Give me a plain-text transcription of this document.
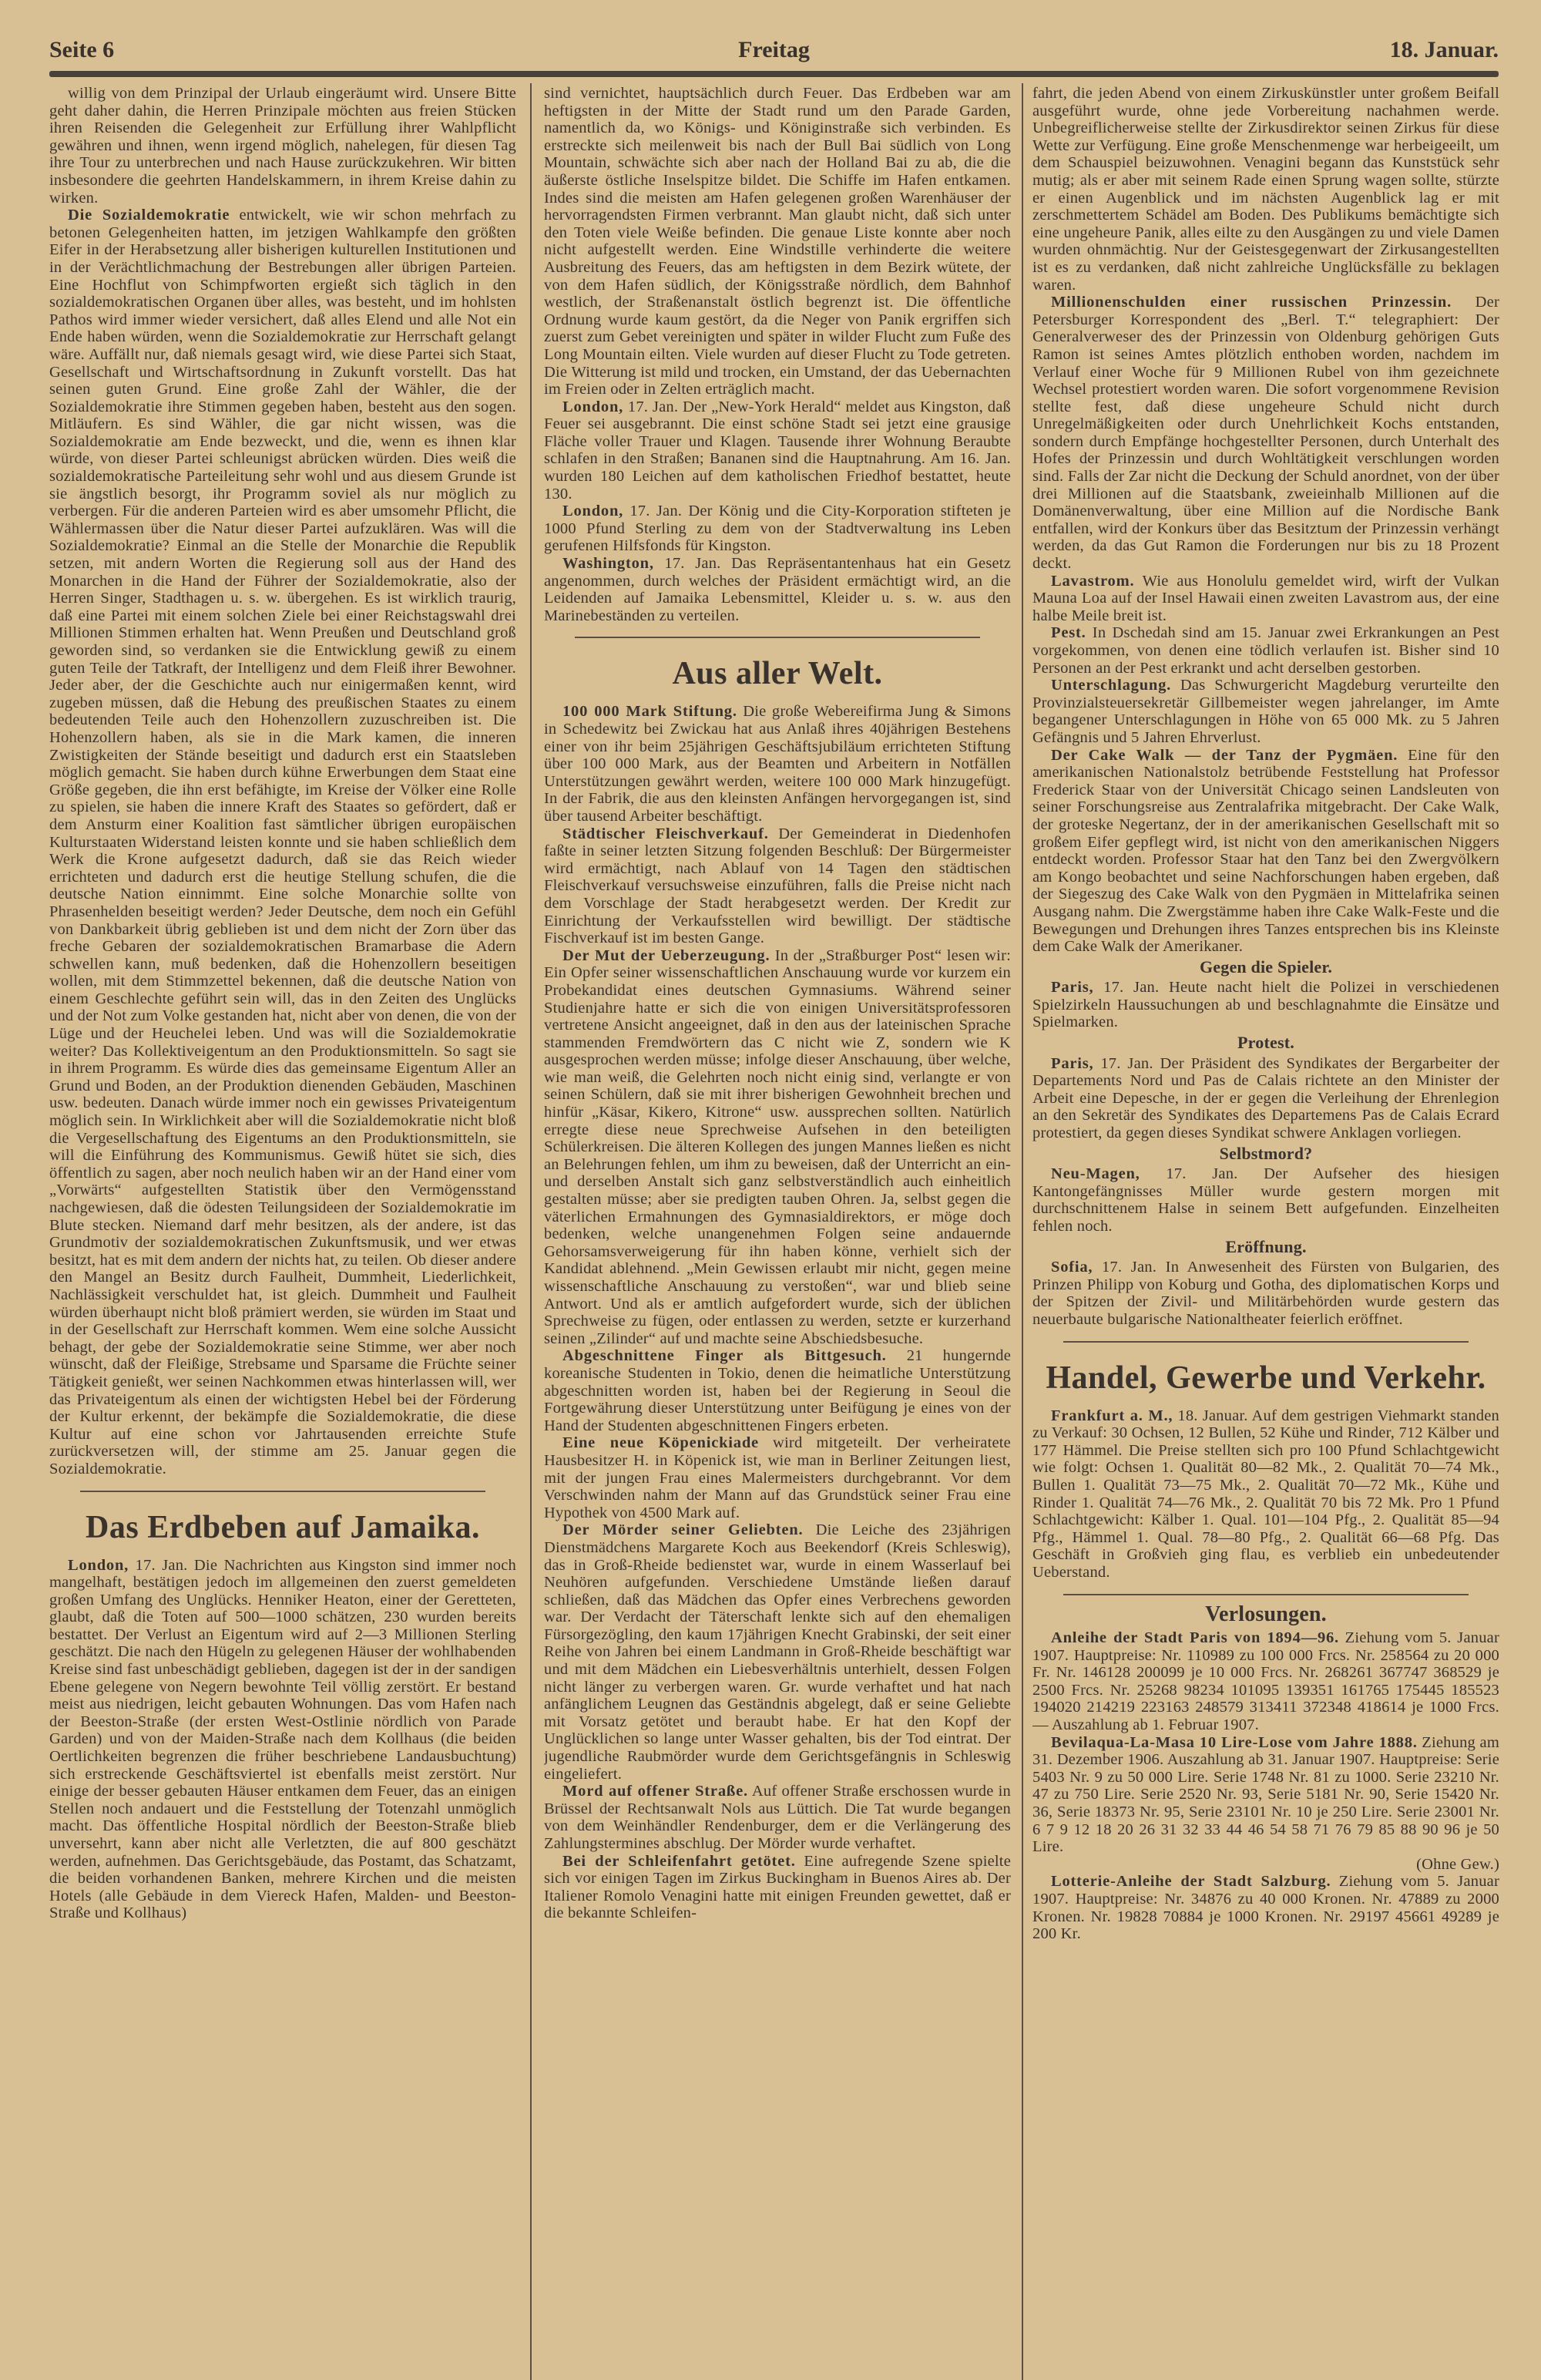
Seite 6	Freitag	18. Januar.

willig von dem Prinzipal der Urlaub eingeräumt wird. Unsere Bitte geht daher dahin, die Herren Prinzipale möchten aus freien Stücken ihren Reisenden die Gelegenheit zur Erfüllung ihrer Wahlpflicht gewähren und ihnen, wenn irgend möglich, nahelegen, für diesen Tag ihre Tour zu unterbrechen und nach Hause zurückzukehren. Wir bitten insbesondere die geehrten Handelskammern, in ihrem Kreise dahin zu wirken.

Die Sozialdemokratie entwickelt, wie wir schon mehrfach zu betonen Gelegenheiten hatten, im jetzigen Wahlkampfe den größten Eifer in der Herabsetzung aller bisherigen kulturellen Institutionen und in der Verächtlichmachung der Bestrebungen aller übrigen Parteien. Eine Hochflut von Schimpfworten ergießt sich täglich in den sozialdemokratischen Organen über alles, was besteht, und im hohlsten Pathos wird immer wieder versichert, daß alles Elend und alle Not ein Ende haben würden, wenn die Sozialdemokratie zur Herrschaft gelangt wäre. Auffällt nur, daß niemals gesagt wird, wie diese Partei sich Staat, Gesellschaft und Wirtschaftsordnung in Zukunft vorstellt. Das hat seinen guten Grund. Eine große Zahl der Wähler, die der Sozialdemokratie ihre Stimmen gegeben haben, besteht aus den sogen. Mitläufern. Es sind Wähler, die gar nicht wissen, was die Sozialdemokratie am Ende bezweckt, und die, wenn es ihnen klar würde, von dieser Partei schleunigst abrücken würden. Dies weiß die sozialdemokratische Parteileitung sehr wohl und aus diesem Grunde ist sie ängstlich besorgt, ihr Programm soviel als nur möglich zu verbergen. Für die anderen Parteien wird es aber umsomehr Pflicht, die Wählermassen über die Natur dieser Partei aufzuklären. Was will die Sozialdemokratie? Einmal an die Stelle der Monarchie die Republik setzen, mit andern Worten die Regierung soll aus der Hand des Monarchen in die Hand der Führer der Sozialdemokratie, also der Herren Singer, Stadthagen u. s. w. übergehen. Es ist wirklich traurig, daß eine Partei mit einem solchen Ziele bei einer Reichstagswahl drei Millionen Stimmen erhalten hat. Wenn Preußen und Deutschland groß geworden sind, so verdanken sie die Entwicklung gewiß zu einem guten Teile der Tatkraft, der Intelligenz und dem Fleiß ihrer Bewohner. Jeder aber, der die Geschichte auch nur einigermaßen kennt, wird zugeben müssen, daß die Hebung des preußischen Staates zu einem bedeutenden Teile auch den Hohenzollern zuzuschreiben ist. Die Hohenzollern haben, als sie in die Mark kamen, die inneren Zwistigkeiten der Stände beseitigt und dadurch erst ein Staatsleben möglich gemacht. Sie haben durch kühne Erwerbungen dem Staat eine Größe gegeben, die ihn erst befähigte, im Kreise der Völker eine Rolle zu spielen, sie haben die innere Kraft des Staates so gefördert, daß er dem Ansturm einer Koalition fast sämtlicher übrigen europäischen Kulturstaaten Widerstand leisten konnte und sie haben schließlich dem Werk die Krone aufgesetzt dadurch, daß sie das Reich wieder errichteten und dadurch erst die heutige Stellung schufen, die die deutsche Nation einnimmt. Eine solche Monarchie sollte von Phrasenhelden beseitigt werden? Jeder Deutsche, dem noch ein Gefühl von Dankbarkeit übrig geblieben ist und dem nicht der Zorn über das freche Gebaren der sozialdemokratischen Bramarbase die Adern schwellen kann, muß bedenken, daß die Hohenzollern beseitigen wollen, mit dem Stimmzettel bekennen, daß die deutsche Nation von einem Geschlechte geführt sein will, das in den Zeiten des Unglücks und der Not zum Volke gestanden hat, nicht aber von denen, die von der Lüge und der Heuchelei leben. Und was will die Sozialdemokratie weiter? Das Kollektiveigentum an den Produktionsmitteln. So sagt sie in ihrem Programm. Es würde dies das gemeinsame Eigentum Aller an Grund und Boden, an der Produktion dienenden Gebäuden, Maschinen usw. bedeuten. Danach würde immer noch ein gewisses Privateigentum möglich sein. In Wirklichkeit aber will die Sozialdemokratie nicht bloß die Vergesellschaftung des Eigentums an den Produktionsmitteln, sie will die Einführung des Kommunismus. Gewiß hütet sie sich, dies öffentlich zu sagen, aber noch neulich haben wir an der Hand einer vom „Vorwärts“ aufgestellten Statistik über den Vermögensstand nachgewiesen, daß die ödesten Teilungsideen der Sozialdemokratie im Blute stecken. Niemand darf mehr besitzen, als der andere, ist das Grundmotiv der sozialdemokratischen Zukunftsmusik, und wer etwas besitzt, hat es mit dem andern der nichts hat, zu teilen. Ob dieser andere den Mangel an Besitz durch Faulheit, Dummheit, Liederlichkeit, Nachlässigkeit verschuldet hat, ist gleich. Dummheit und Faulheit würden überhaupt nicht bloß prämiert werden, sie würden im Staat und in der Gesellschaft zur Herrschaft kommen. Wem eine solche Aussicht behagt, der gebe der Sozialdemokratie seine Stimme, wer aber noch wünscht, daß der Fleißige, Strebsame und Sparsame die Früchte seiner Tätigkeit genießt, wer seinen Nachkommen etwas hinterlassen will, wer das Privateigentum als einen der wichtigsten Hebel bei der Förderung der Kultur erkennt, der bekämpfe die Sozialdemokratie, die diese Kultur auf eine schon vor Jahrtausenden erreichte Stufe zurückversetzen will, der stimme am 25. Januar gegen die Sozialdemokratie.

Das Erdbeben auf Jamaika.

London, 17. Jan. Die Nachrichten aus Kingston sind immer noch mangelhaft, bestätigen jedoch im allgemeinen den zuerst gemeldeten großen Umfang des Unglücks. Henniker Heaton, einer der Geretteten, glaubt, daß die Toten auf 500—1000 schätzen, 230 wurden bereits bestattet. Der Verlust an Eigentum wird auf 2—3 Millionen Sterling geschätzt. Die nach den Hügeln zu gelegenen Häuser der wohlhabenden Kreise sind fast unbeschädigt geblieben, dagegen ist der in der sandigen Ebene gelegene von Negern bewohnte Teil völlig zerstört. Er bestand meist aus niedrigen, leicht gebauten Wohnungen. Das vom Hafen nach der Beeston-Straße (der ersten West-Ostlinie nördlich von Parade Garden) und von der Maiden-Straße nach dem Kollhaus (die beiden Oertlichkeiten begrenzen die früher beschriebene Landausbuchtung) sich erstreckende Geschäftsviertel ist ebenfalls meist zerstört. Nur einige der besser gebauten Häuser entkamen dem Feuer, das an einigen Stellen noch andauert und die Feststellung der Totenzahl unmöglich macht. Das öffentliche Hospital nördlich der Beeston-Straße blieb unversehrt, kann aber nicht alle Verletzten, die auf 800 geschätzt werden, aufnehmen. Das Gerichtsgebäude, das Postamt, das Schatzamt, die beiden vorhandenen Banken, mehrere Kirchen und die meisten Hotels (alle Gebäude in dem Viereck Hafen, Malden- und Beeston-Straße und Kollhaus)

sind vernichtet, hauptsächlich durch Feuer. Das Erdbeben war am heftigsten in der Mitte der Stadt rund um den Parade Garden, namentlich da, wo Königs- und Königinstraße sich verbinden. Es erstreckte sich meilenweit bis nach der Bull Bai südlich von Long Mountain, schwächte sich aber nach der Holland Bai zu ab, die die äußerste östliche Inselspitze bildet. Die Schiffe im Hafen entkamen. Indes sind die meisten am Hafen gelegenen großen Warenhäuser der hervorragendsten Firmen verbrannt. Man glaubt nicht, daß sich unter den Toten viele Weiße befinden. Die genaue Liste konnte aber noch nicht aufgestellt werden. Eine Windstille verhinderte die weitere Ausbreitung des Feuers, das am heftigsten in dem Bezirk wütete, der von dem Hafen südlich, der Königsstraße nördlich, dem Bahnhof westlich, der Straßenanstalt östlich begrenzt ist. Die öffentliche Ordnung wurde kaum gestört, da die Neger von Panik ergriffen sich zuerst zum Gebet vereinigten und später in wilder Flucht zum Fuße des Long Mountain eilten. Viele wurden auf dieser Flucht zu Tode getreten. Die Witterung ist mild und trocken, ein Umstand, der das Uebernachten im Freien oder in Zelten erträglich macht.

London, 17. Jan. Der „New-York Herald“ meldet aus Kingston, daß Feuer sei ausgebrannt. Die einst schöne Stadt sei jetzt eine grausige Fläche voller Trauer und Klagen. Tausende ihrer Wohnung Beraubte schlafen in den Straßen; Bananen sind die Hauptnahrung. Am 16. Jan. wurden 180 Leichen auf dem katholischen Friedhof bestattet, heute 130.

London, 17. Jan. Der König und die City-Korporation stifteten je 1000 Pfund Sterling zu dem von der Stadtverwaltung ins Leben gerufenen Hilfsfonds für Kingston.

Washington, 17. Jan. Das Repräsentantenhaus hat ein Gesetz angenommen, durch welches der Präsident ermächtigt wird, an die Leidenden auf Jamaika Lebensmittel, Kleider u. s. w. aus den Marinebeständen zu verteilen.

Aus aller Welt.

100 000 Mark Stiftung. Die große Webereifirma Jung & Simons in Schedewitz bei Zwickau hat aus Anlaß ihres 40jährigen Bestehens einer von ihr beim 25jährigen Geschäftsjubiläum errichteten Stiftung über 100 000 Mark, aus der Beamten und Arbeitern in Notfällen Unterstützungen gewährt werden, weitere 100 000 Mark hinzugefügt. In der Fabrik, die aus den kleinsten Anfängen hervorgegangen ist, sind über tausend Arbeiter beschäftigt.

Städtischer Fleischverkauf. Der Gemeinderat in Diedenhofen faßte in seiner letzten Sitzung folgenden Beschluß: Der Bürgermeister wird ermächtigt, nach Ablauf von 14 Tagen den städtischen Fleischverkauf versuchsweise einzuführen, falls die Preise nicht nach dem Vorschlage der Stadt herabgesetzt werden. Der Kredit zur Einrichtung der Verkaufsstellen wird bewilligt. Der städtische Fischverkauf ist im besten Gange.

Der Mut der Ueberzeugung. In der „Straßburger Post“ lesen wir: Ein Opfer seiner wissenschaftlichen Anschauung wurde vor kurzem ein Probekandidat eines deutschen Gymnasiums. Während seiner Studienjahre hatte er sich die von einigen Universitätsprofessoren vertretene Ansicht angeeignet, daß in den aus der lateinischen Sprache stammenden Fremdwörtern das C nicht wie Z, sondern wie K ausgesprochen werden müsse; infolge dieser Anschauung, über welche, wie man weiß, die Gelehrten noch nicht einig sind, verlangte er von seinen Schülern, daß sie mit ihrer bisherigen Gewohnheit brechen und hinfür „Käsar, Kikero, Kitrone“ usw. aussprechen sollten. Natürlich erregte diese neue Sprechweise Aufsehen in den beteiligten Schülerkreisen. Die älteren Kollegen des jungen Mannes ließen es nicht an Belehrungen fehlen, um ihm zu beweisen, daß der Unterricht an ein- und derselben Anstalt sich ganz selbstverständlich auch einheitlich gestalten müsse; aber sie predigten tauben Ohren. Ja, selbst gegen die väterlichen Ermahnungen des Gymnasialdirektors, er möge doch bedenken, welche unangenehmen Folgen seine andauernde Gehorsamsverweigerung für ihn haben könne, verhielt sich der Kandidat ablehnend. „Mein Gewissen erlaubt mir nicht, gegen meine wissenschaftliche Anschauung zu verstoßen“, war und blieb seine Antwort. Und als er amtlich aufgefordert wurde, sich der üblichen Sprechweise zu fügen, oder entlassen zu werden, setzte er kurzerhand seinen „Zilinder“ auf und machte seine Abschiedsbesuche.

Abgeschnittene Finger als Bittgesuch. 21 hungernde koreanische Studenten in Tokio, denen die heimatliche Unterstützung abgeschnitten worden ist, haben bei der Regierung in Seoul die Fortgewährung dieser Unterstützung unter Beifügung je eines von der Hand der Studenten abgeschnittenen Fingers erbeten.

Eine neue Köpenickiade wird mitgeteilt. Der verheiratete Hausbesitzer H. in Köpenick ist, wie man in Berliner Zeitungen liest, mit der jungen Frau eines Malermeisters durchgebrannt. Vor dem Verschwinden nahm der Mann auf das Grundstück seiner Frau eine Hypothek von 4500 Mark auf.

Der Mörder seiner Geliebten. Die Leiche des 23jährigen Dienstmädchens Margarete Koch aus Beekendorf (Kreis Schleswig), das in Groß-Rheide bedienstet war, wurde in einem Wasserlauf bei Neuhören aufgefunden. Verschiedene Umstände ließen darauf schließen, daß das Mädchen das Opfer eines Verbrechens geworden war. Der Verdacht der Täterschaft lenkte sich auf den ehemaligen Fürsorgezögling, den kaum 17jährigen Knecht Grabinski, der seit einer Reihe von Jahren bei einem Landmann in Groß-Rheide beschäftigt war und mit dem Mädchen ein Liebesverhältnis unterhielt, dessen Folgen nicht länger zu verbergen waren. Gr. wurde verhaftet und hat nach anfänglichem Leugnen das Geständnis abgelegt, daß er seine Geliebte mit Vorsatz getötet und beraubt habe. Er hat den Kopf der Unglücklichen so lange unter Wasser gehalten, bis der Tod eintrat. Der jugendliche Raubmörder wurde dem Gerichtsgefängnis in Schleswig eingeliefert.

Mord auf offener Straße. Auf offener Straße erschossen wurde in Brüssel der Rechtsanwalt Nols aus Lüttich. Die Tat wurde begangen von dem Weinhändler Rendenburger, dem er die Verlängerung des Zahlungstermines abschlug. Der Mörder wurde verhaftet.

Bei der Schleifenfahrt getötet. Eine aufregende Szene spielte sich vor einigen Tagen im Zirkus Buckingham in Buenos Aires ab. Der Italiener Romolo Venagini hatte mit einigen Freunden gewettet, daß er die bekannte Schleifen-

fahrt, die jeden Abend von einem Zirkuskünstler unter großem Beifall ausgeführt wurde, ohne jede Vorbereitung nachahmen werde. Unbegreiflicherweise stellte der Zirkusdirektor seinen Zirkus für diese Wette zur Verfügung. Eine große Menschenmenge war herbeigeeilt, um dem Schauspiel beizuwohnen. Venagini begann das Kunststück sehr mutig; als er aber mit seinem Rade einen Sprung wagen sollte, stürzte er einen Augenblick und im nächsten Augenblick lag er mit zerschmettertem Schädel am Boden. Des Publikums bemächtigte sich eine ungeheure Panik, alles eilte zu den Ausgängen zu und viele Damen wurden ohnmächtig. Nur der Geistesgegenwart der Zirkusangestellten ist es zu verdanken, daß nicht zahlreiche Unglücksfälle zu beklagen waren.

Millionenschulden einer russischen Prinzessin. Der Petersburger Korrespondent des „Berl. T.“ telegraphiert: Der Generalverweser des der Prinzessin von Oldenburg gehörigen Guts Ramon ist seines Amtes plötzlich enthoben worden, nachdem im Verlauf einer Woche für 9 Millionen Rubel von ihm gezeichnete Wechsel protestiert worden waren. Die sofort vorgenommene Revision stellte fest, daß diese ungeheure Schuld nicht durch Unregelmäßigkeiten oder durch Unehrlichkeit Kochs entstanden, sondern durch Empfänge hochgestellter Personen, durch Unterhalt des Hofes der Prinzessin und durch Wohltätigkeit verschlungen worden sind. Falls der Zar nicht die Deckung der Schuld anordnet, von der über drei Millionen auf die Staatsbank, zweieinhalb Millionen auf die Domänenverwaltung, über eine Million auf die Nordische Bank entfallen, wird der Konkurs über das Besitztum der Prinzessin verhängt werden, da das Gut Ramon die Forderungen nur bis zu 18 Prozent deckt.

Lavastrom. Wie aus Honolulu gemeldet wird, wirft der Vulkan Mauna Loa auf der Insel Hawaii einen zweiten Lavastrom aus, der eine halbe Meile breit ist.

Pest. In Dschedah sind am 15. Januar zwei Erkrankungen an Pest vorgekommen, von denen eine tödlich verlaufen ist. Bisher sind 10 Personen an der Pest erkrankt und acht derselben gestorben.

Unterschlagung. Das Schwurgericht Magdeburg verurteilte den Provinzialsteuersekretär Gillbemeister wegen jahrelanger, im Amte begangener Unterschlagungen in Höhe von 65 000 Mk. zu 5 Jahren Gefängnis und 5 Jahren Ehrverlust.

Der Cake Walk — der Tanz der Pygmäen. Eine für den amerikanischen Nationalstolz betrübende Feststellung hat Professor Frederick Staar von der Universität Chicago seinen Landsleuten von seiner Forschungsreise aus Zentralafrika mitgebracht. Der Cake Walk, der groteske Negertanz, der in der amerikanischen Gesellschaft mit so großem Eifer gepflegt wird, ist nicht von den amerikanischen Niggers entdeckt worden. Professor Staar hat den Tanz bei den Zwergvölkern am Kongo beobachtet und seine Nachforschungen haben ergeben, daß der Siegeszug des Cake Walk von den Pygmäen in Mittelafrika seinen Ausgang nahm. Die Zwergstämme haben ihre Cake Walk-Feste und die Bewegungen und Drehungen ihres Tanzes entsprechen bis ins Kleinste dem Cake Walk der Amerikaner.

Gegen die Spieler.

Paris, 17. Jan. Heute nacht hielt die Polizei in verschiedenen Spielzirkeln Haussuchungen ab und beschlagnahmte die Einsätze und Spielmarken.

Protest.

Paris, 17. Jan. Der Präsident des Syndikates der Bergarbeiter der Departements Nord und Pas de Calais richtete an den Minister der Arbeit eine Depesche, in der er gegen die Verleihung der Ehrenlegion an den Sekretär des Syndikates des Departemens Pas de Calais Ecrard protestiert, da gegen dieses Syndikat schwere Anklagen vorliegen.

Selbstmord?

Neu-Magen, 17. Jan. Der Aufseher des hiesigen Kantongefängnisses Müller wurde gestern morgen mit durchschnittenem Halse in seinem Bett aufgefunden. Einzelheiten fehlen noch.

Eröffnung.

Sofia, 17. Jan. In Anwesenheit des Fürsten von Bulgarien, des Prinzen Philipp von Koburg und Gotha, des diplomatischen Korps und der Spitzen der Zivil- und Militärbehörden wurde gestern das neuerbaute bulgarische Nationaltheater feierlich eröffnet.

Handel, Gewerbe und Verkehr.

Frankfurt a. M., 18. Januar. Auf dem gestrigen Viehmarkt standen zu Verkauf: 30 Ochsen, 12 Bullen, 52 Kühe und Rinder, 712 Kälber und 177 Hämmel. Die Preise stellten sich pro 100 Pfund Schlachtgewicht wie folgt: Ochsen 1. Qualität 80—82 Mk., 2. Qualität 70—74 Mk., Bullen 1. Qualität 73—75 Mk., 2. Qualität 70—72 Mk., Kühe und Rinder 1. Qualität 74—76 Mk., 2. Qualität 70 bis 72 Mk. Pro 1 Pfund Schlachtgewicht: Kälber 1. Qual. 101—104 Pfg., 2. Qualität 85—94 Pfg., Hämmel 1. Qual. 78—80 Pfg., 2. Qualität 66—68 Pfg. Das Geschäft in Großvieh ging flau, es verblieb ein unbedeutender Ueberstand.

Verlosungen.

Anleihe der Stadt Paris von 1894—96. Ziehung vom 5. Januar 1907. Hauptpreise: Nr. 110989 zu 100 000 Frcs. Nr. 258564 zu 20 000 Fr. Nr. 146128 200099 je 10 000 Frcs. Nr. 268261 367747 368529 je 2500 Frcs. Nr. 25268 98234 101095 139351 161765 175445 185523 194020 214219 223163 248579 313411 372348 418614 je 1000 Frcs. — Auszahlung ab 1. Februar 1907.

Bevilaqua-La-Masa 10 Lire-Lose vom Jahre 1888. Ziehung am 31. Dezember 1906. Auszahlung ab 31. Januar 1907. Hauptpreise: Serie 5403 Nr. 9 zu 50 000 Lire. Serie 1748 Nr. 81 zu 1000. Serie 23210 Nr. 47 zu 750 Lire. Serie 2520 Nr. 93, Serie 5181 Nr. 90, Serie 15420 Nr. 36, Serie 18373 Nr. 95, Serie 23101 Nr. 10 je 250 Lire. Serie 23001 Nr. 6 7 9 12 18 20 26 31 32 33 44 46 54 58 71 76 79 85 88 90 96 je 50 Lire.

(Ohne Gew.)

Lotterie-Anleihe der Stadt Salzburg. Ziehung vom 5. Januar 1907. Hauptpreise: Nr. 34876 zu 40 000 Kronen. Nr. 47889 zu 2000 Kronen. Nr. 19828 70884 je 1000 Kronen. Nr. 29197 45661 49289 je 200 Kr.
